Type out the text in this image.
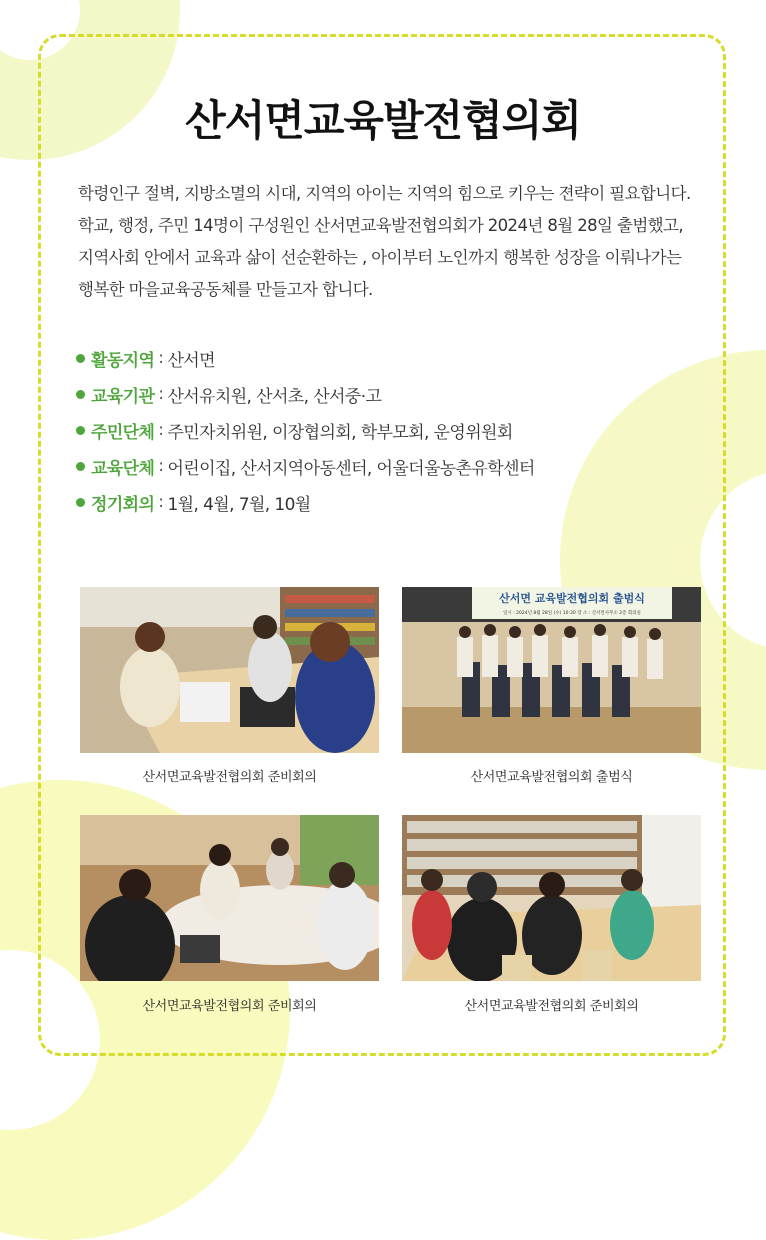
산서면교육발전협의회

학령인구 절벽, 지방소멸의 시대, 지역의 아이는 지역의 힘으로 키우는 젼략이 필요합니다.

학교, 행정, 주민 14명이 구성원인 산서면교육발전협의회가 2024년 8월 28일 출범했고,

지역사회 안에서 교육과 삶이 선순환하는 , 아이부터 노인까지 행복한 성장을 이뤄나가는

행복한 마을교육공동체를 만들고자 합니다.

활동지역 : 산서면
교육기관 : 산서유치원, 산서초, 산서중·고
주민단체 : 주민자치위원, 이장협의회, 학부모회, 운영위원회
교육단체 : 어린이집, 산서지역아동센터, 어울더울농촌유학센터
정기회의 : 1월, 4월, 7월, 10월
산서면교육발전협의회 준비회의
산서면 교육발전협의회 출범식
일시 : 2024년 8월 28일 (수) 10:30 장 소 : 산서면사무소 2층 회의실
산서면교육발전협의회 출범식
산서면교육발전협의회 준비회의	산서면교육발전협의회 준비회의
